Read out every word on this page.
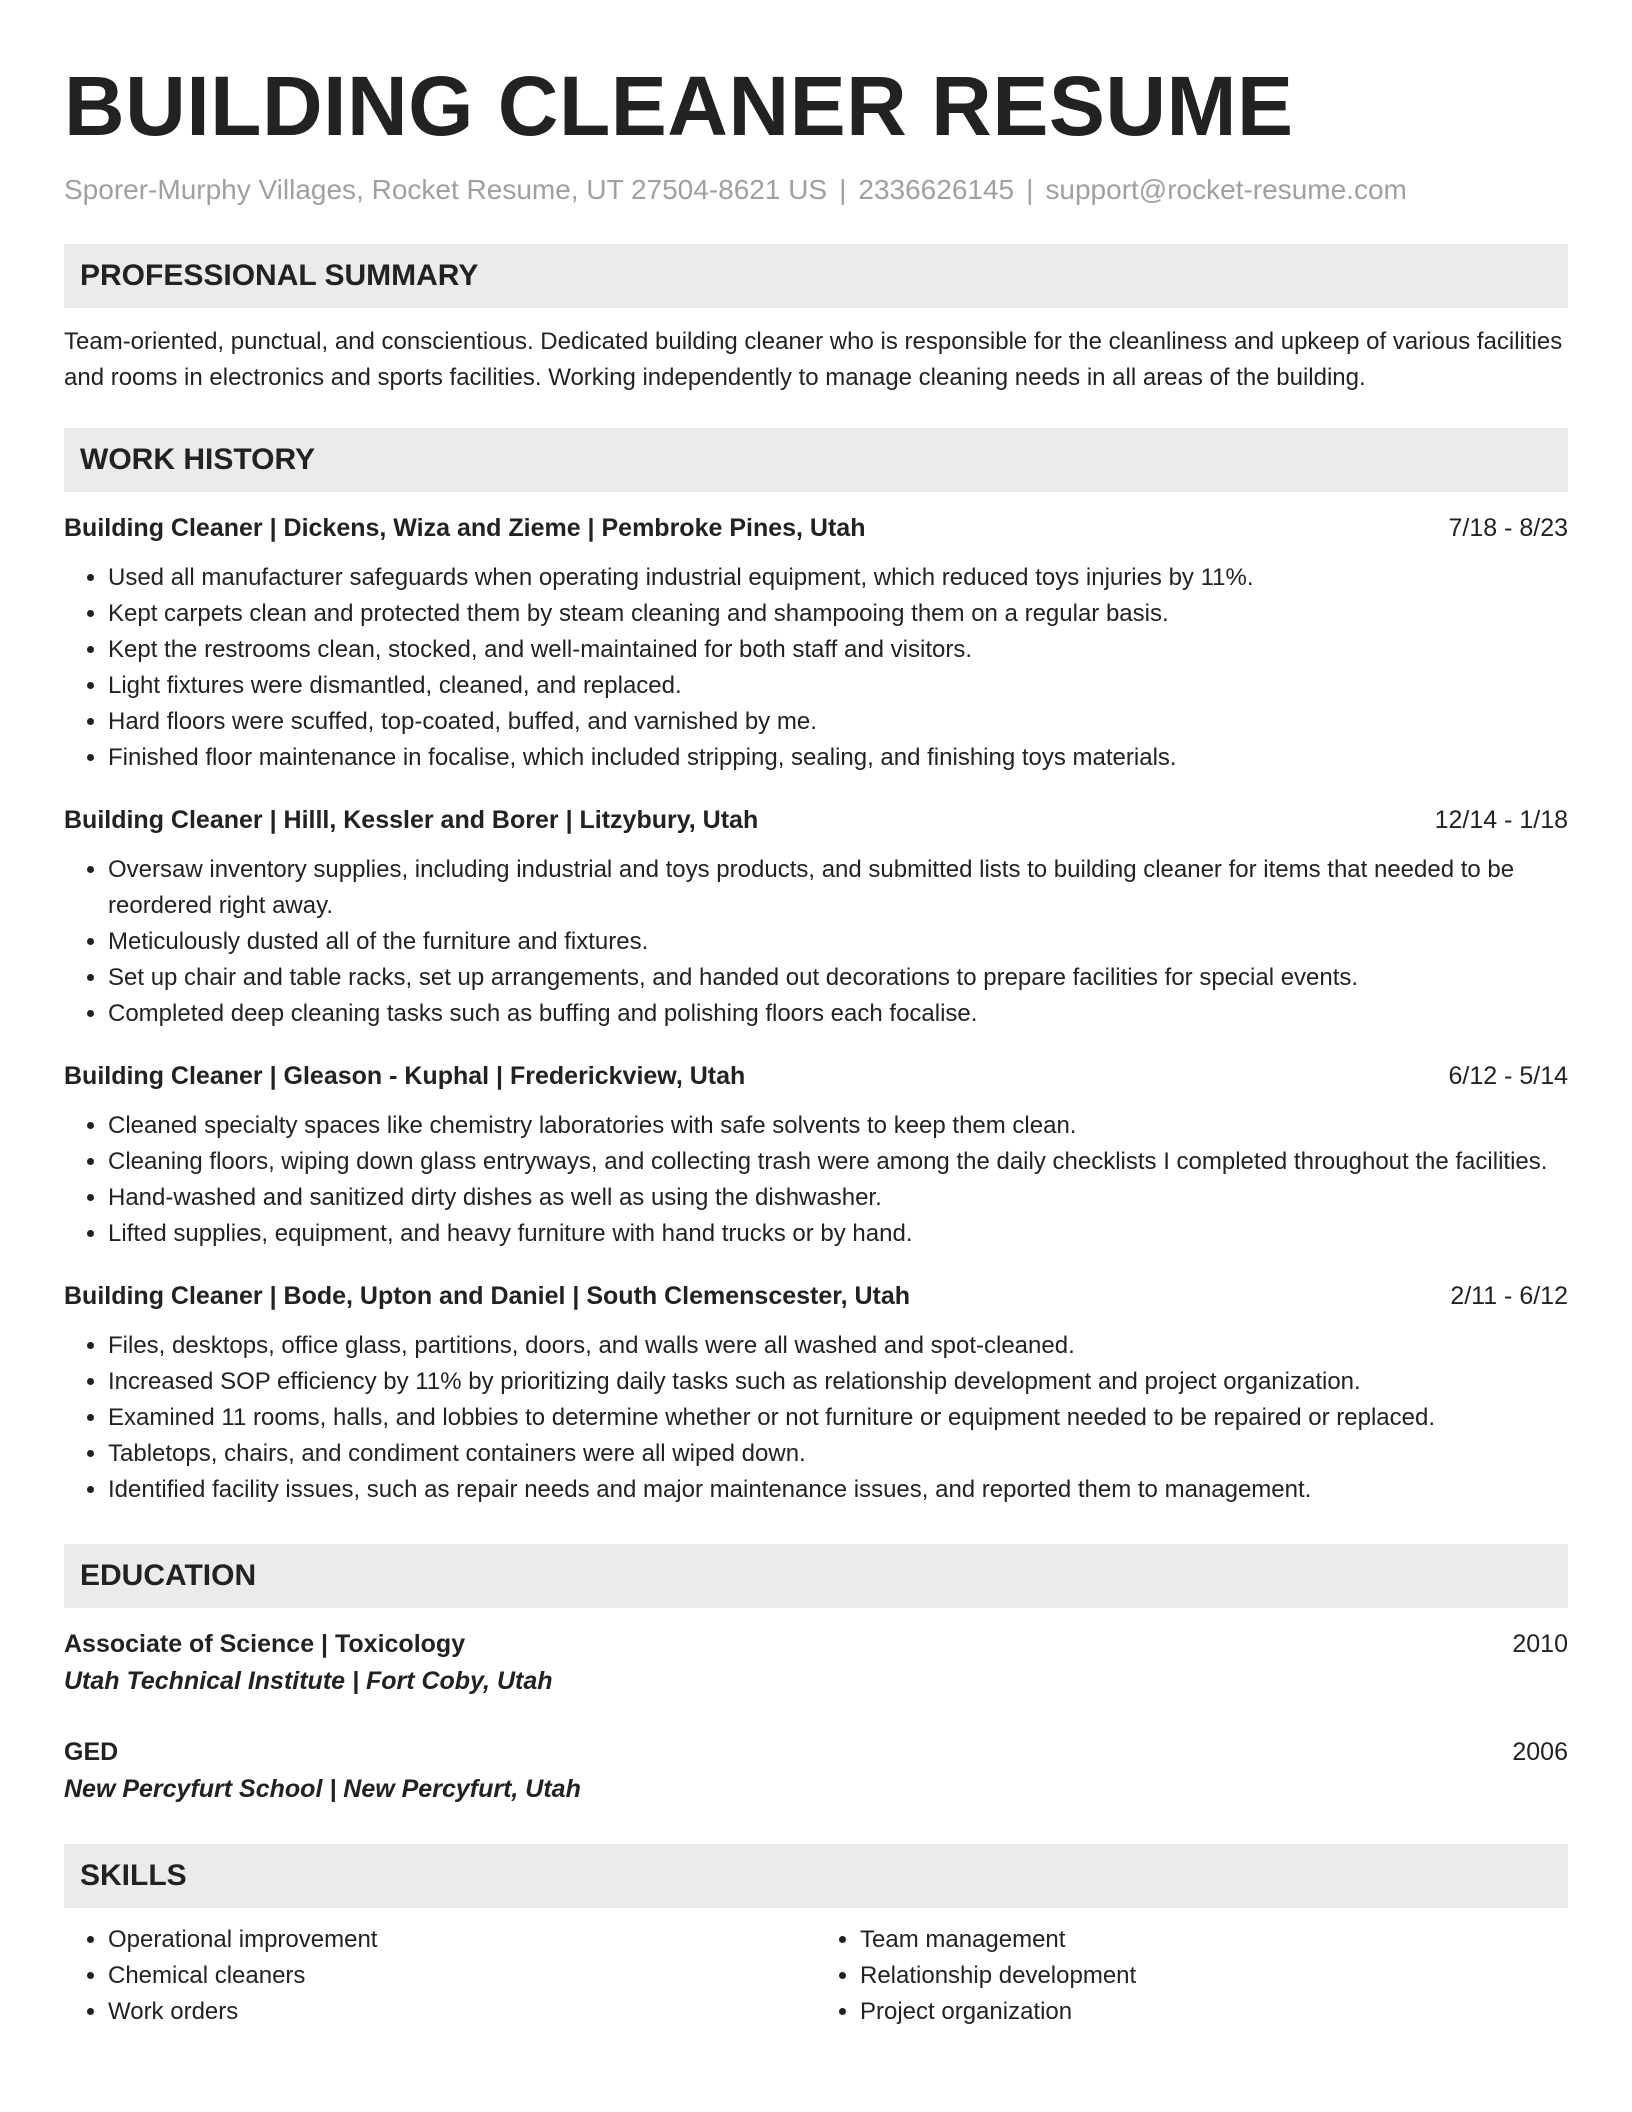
BUILDING CLEANER RESUME
Sporer-Murphy Villages, Rocket Resume, UT 27504-8621 US | 2336626145 | support@rocket-resume.com
PROFESSIONAL SUMMARY

Team-oriented, punctual, and conscientious. Dedicated building cleaner who is responsible for the cleanliness and upkeep of various facilities and rooms in electronics and sports facilities. Working independently to manage cleaning needs in all areas of the building.

WORK HISTORY
Building Cleaner | Dickens, Wiza and Zieme | Pembroke Pines, Utah	7/18 - 8/23
• Used all manufacturer safeguards when operating industrial equipment, which reduced toys injuries by 11%.
• Kept carpets clean and protected them by steam cleaning and shampooing them on a regular basis.
• Kept the restrooms clean, stocked, and well-maintained for both staff and visitors.
• Light fixtures were dismantled, cleaned, and replaced.
• Hard floors were scuffed, top-coated, buffed, and varnished by me.
• Finished floor maintenance in focalise, which included stripping, sealing, and finishing toys materials.
Building Cleaner | Hilll, Kessler and Borer | Litzybury, Utah	12/14 - 1/18
• Oversaw inventory supplies, including industrial and toys products, and submitted lists to building cleaner for items that needed to be reordered right away.
• Meticulously dusted all of the furniture and fixtures.
• Set up chair and table racks, set up arrangements, and handed out decorations to prepare facilities for special events.
• Completed deep cleaning tasks such as buffing and polishing floors each focalise.
Building Cleaner | Gleason - Kuphal | Frederickview, Utah	6/12 - 5/14
• Cleaned specialty spaces like chemistry laboratories with safe solvents to keep them clean.
• Cleaning floors, wiping down glass entryways, and collecting trash were among the daily checklists I completed throughout the facilities.
• Hand-washed and sanitized dirty dishes as well as using the dishwasher.
• Lifted supplies, equipment, and heavy furniture with hand trucks or by hand.
Building Cleaner | Bode, Upton and Daniel | South Clemenscester, Utah	2/11 - 6/12
• Files, desktops, office glass, partitions, doors, and walls were all washed and spot-cleaned.
• Increased SOP efficiency by 11% by prioritizing daily tasks such as relationship development and project organization.
• Examined 11 rooms, halls, and lobbies to determine whether or not furniture or equipment needed to be repaired or replaced.
• Tabletops, chairs, and condiment containers were all wiped down.
• Identified facility issues, such as repair needs and major maintenance issues, and reported them to management.
EDUCATION
Associate of Science | Toxicology	2010
Utah Technical Institute | Fort Coby, Utah
GED	2006
New Percyfurt School | New Percyfurt, Utah
SKILLS
• Operational improvement
• Chemical cleaners
• Work orders
• Team management
• Relationship development
• Project organization
